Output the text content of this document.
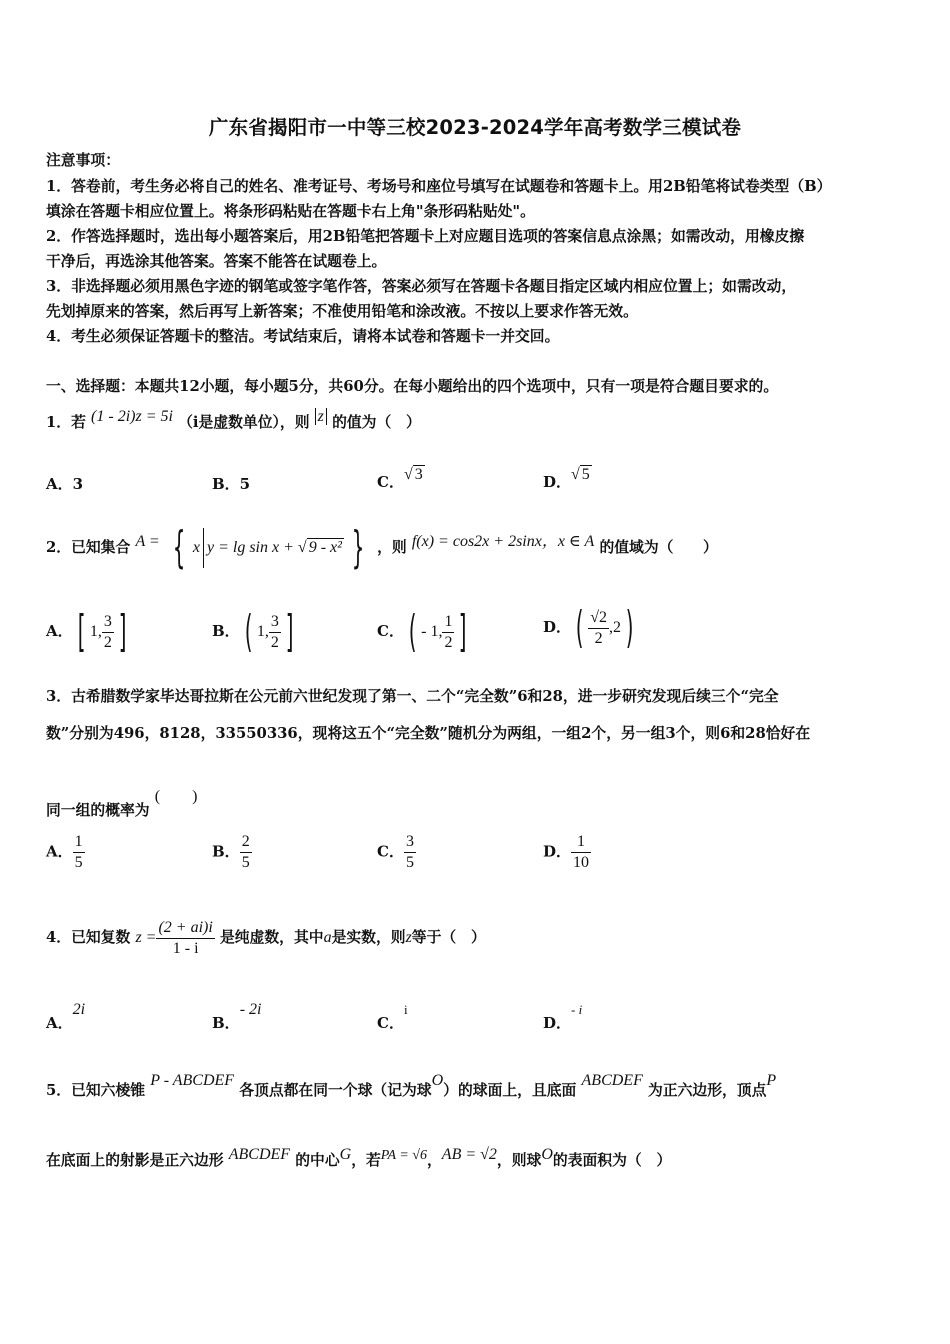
广东省揭阳市一中等三校2023-2024学年高考数学三模试卷
注意事项：
1．答卷前，考生务必将自己的姓名、准考证号、考场号和座位号填写在试题卷和答题卡上。用2B铅笔将试卷类型（B）
填涂在答题卡相应位置上。将条形码粘贴在答题卡右上角"条形码粘贴处"。
2．作答选择题时，选出每小题答案后，用2B铅笔把答题卡上对应题目选项的答案信息点涂黑；如需改动，用橡皮擦
干净后，再选涂其他答案。答案不能答在试题卷上。
3．非选择题必须用黑色字迹的钢笔或签字笔作答，答案必须写在答题卡各题目指定区域内相应位置上；如需改动，
先划掉原来的答案，然后再写上新答案；不准使用铅笔和涂改液。不按以上要求作答无效。
4．考生必须保证答题卡的整洁。考试结束后，请将本试卷和答题卡一并交回。
一、选择题：本题共12小题，每小题5分，共60分。在每小题给出的四个选项中，只有一项是符合题目要求的。
1．若 (1 - 2i)z = 5i （i是虚数单位），则 z 的值为（　）
A．3	B．5	C．√ 3	D．√ 5
2．已知集合 A = { x y = lg sin x + √ 9 - x² } ，则 f(x) = cos2x + 2sinx，x ∈ A 的值域为（　　）
A． [ 1, $\frac{3}{2}$ ]	B． ( 1, $\frac{3}{2}$ ]	C． ( - 1, $\frac{1}{2}$ ]	D． ( $\frac{√2}{2} ,2$ )
3．古希腊数学家毕达哥拉斯在公元前六世纪发现了第一、二个“完全数”6和28，进一步研究发现后续三个“完全
数”分别为496，8128，33550336，现将这五个“完全数”随机分为两组，一组2个，另一组3个，则6和28恰好在
同一组的概率为 (　　)
A． $\frac{1}{5}$	B． $\frac{2}{5}$	C． $\frac{3}{5}$	D． $\frac{1}{10}$
4．已知复数 $z = \frac{(2 + ai)i}{1 - i}$ 是纯虚数，其中a是实数，则z等于（　）
A．2i
B．- 2i
C．i
D．- i
5．已知六棱锥 P - ABCDEF 各顶点都在同一个球（记为球O）的球面上，且底面 ABCDEF 为正六边形，顶点P
在底面上的射影是正六边形 ABCDEF 的中心G，若PA = √6，AB = √2，则球O的表面积为（　）
